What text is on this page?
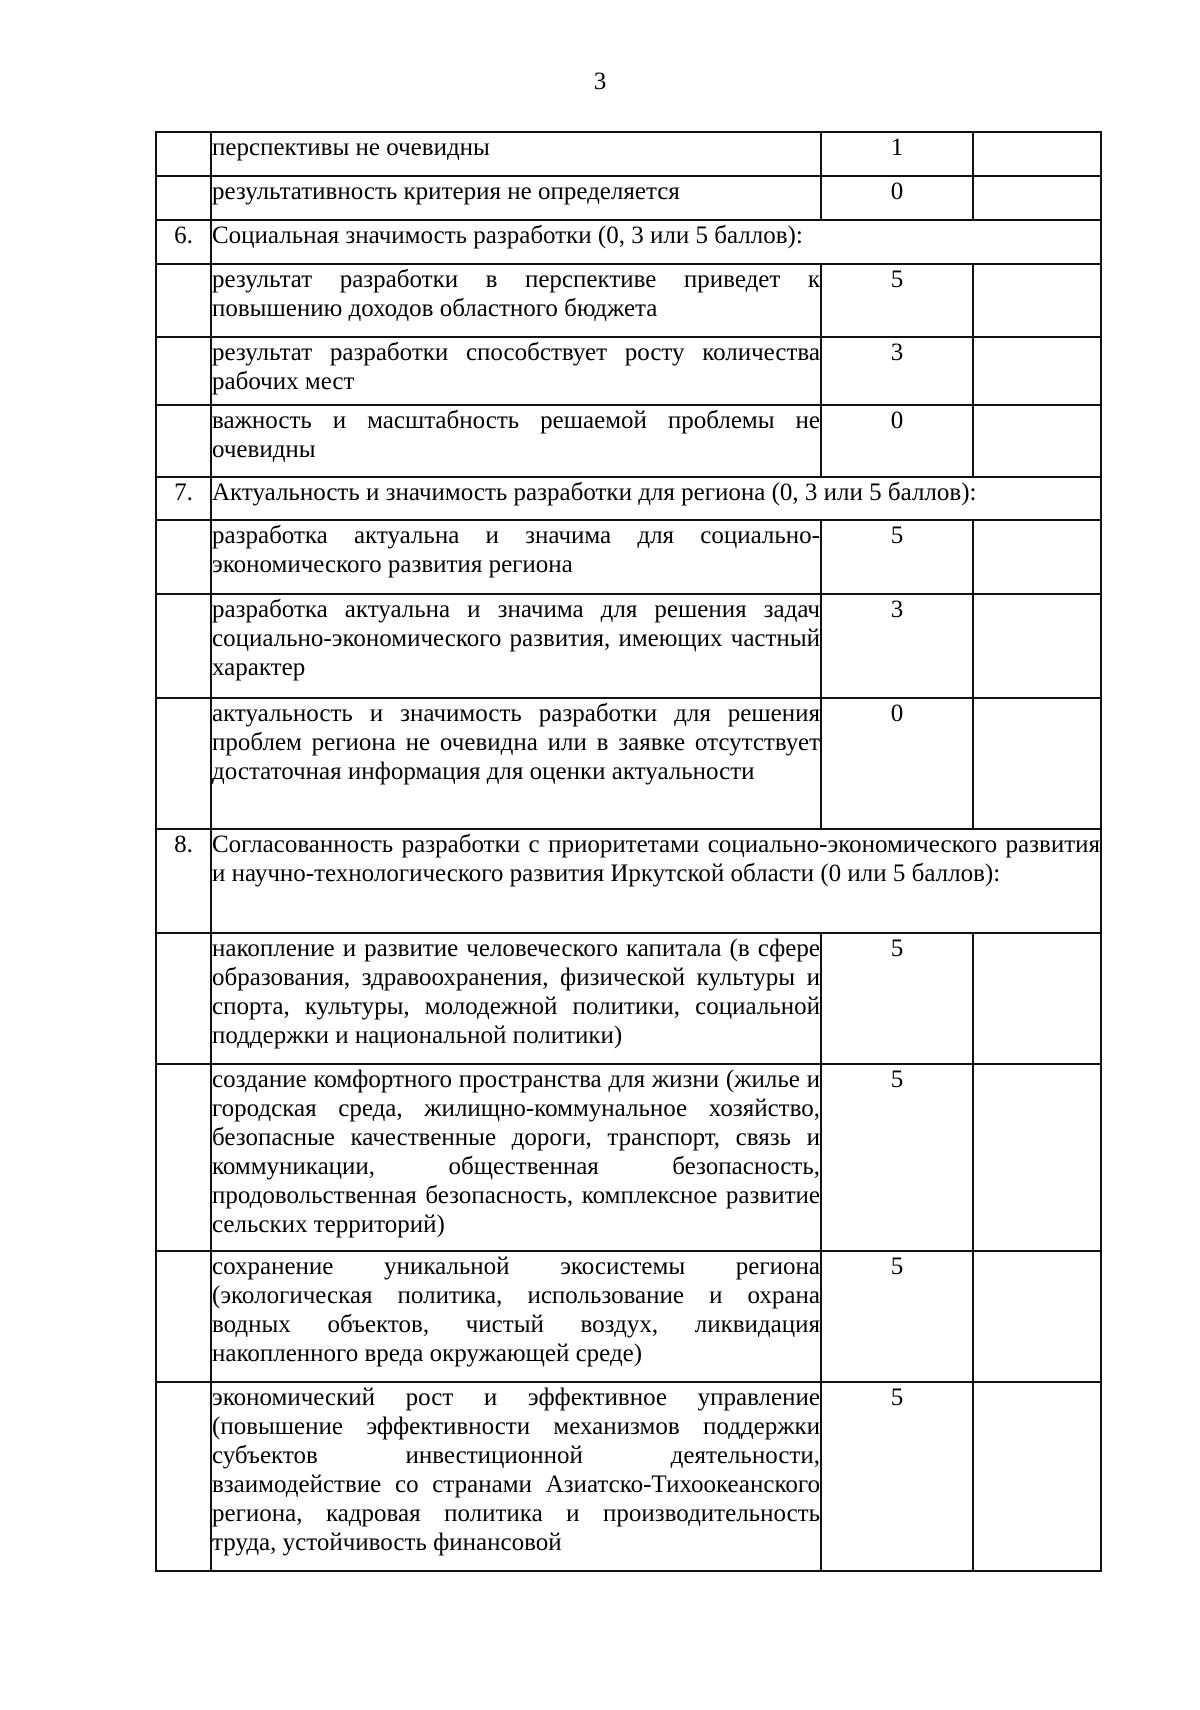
3
	перспективы не очевидны	1	
	результативность критерия не определяется	0	
6.	Социальная значимость разработки (0, 3 или 5 баллов):		
	результат разработки в перспективе приведет к повышению доходов областного бюджета	5	
	результат разработки способствует росту количества рабочих мест	3	
	важность и масштабность решаемой проблемы не очевидны	0	
7.	Актуальность и значимость разработки для региона (0, 3 или 5 баллов):		
	разработка актуальна и значима для социально-экономического развития региона	5	
	разработка актуальна и значима для решения задач социально-экономического развития, имеющих частный характер	3	
	актуальность и значимость разработки для решения проблем региона не очевидна или в заявке отсутствует достаточная информация для оценки актуальности	0	
8.	Согласованность разработки с приоритетами социально-экономического развития и научно-технологического развития Иркутской области (0 или 5 баллов):		
	накопление и развитие человеческого капитала (в сфере образования, здравоохранения, физической культуры и спорта, культуры, молодежной политики, социальной поддержки и национальной политики)	5	
	создание комфортного пространства для жизни (жилье и городская среда, жилищно-коммунальное хозяйство, безопасные качественные дороги, транспорт, связь и коммуникации, общественная безопасность, продовольственная безопасность, комплексное развитие сельских территорий)	5	
	сохранение уникальной экосистемы региона (экологическая политика, использование и охрана водных объектов, чистый воздух, ликвидация накопленного вреда окружающей среде)	5	
	экономический рост и эффективное управление (повышение эффективности механизмов поддержки субъектов инвестиционной деятельности, взаимодействие со странами Азиатско-Тихоокеанского региона, кадровая политика и производительность труда, устойчивость финансовой	5	
